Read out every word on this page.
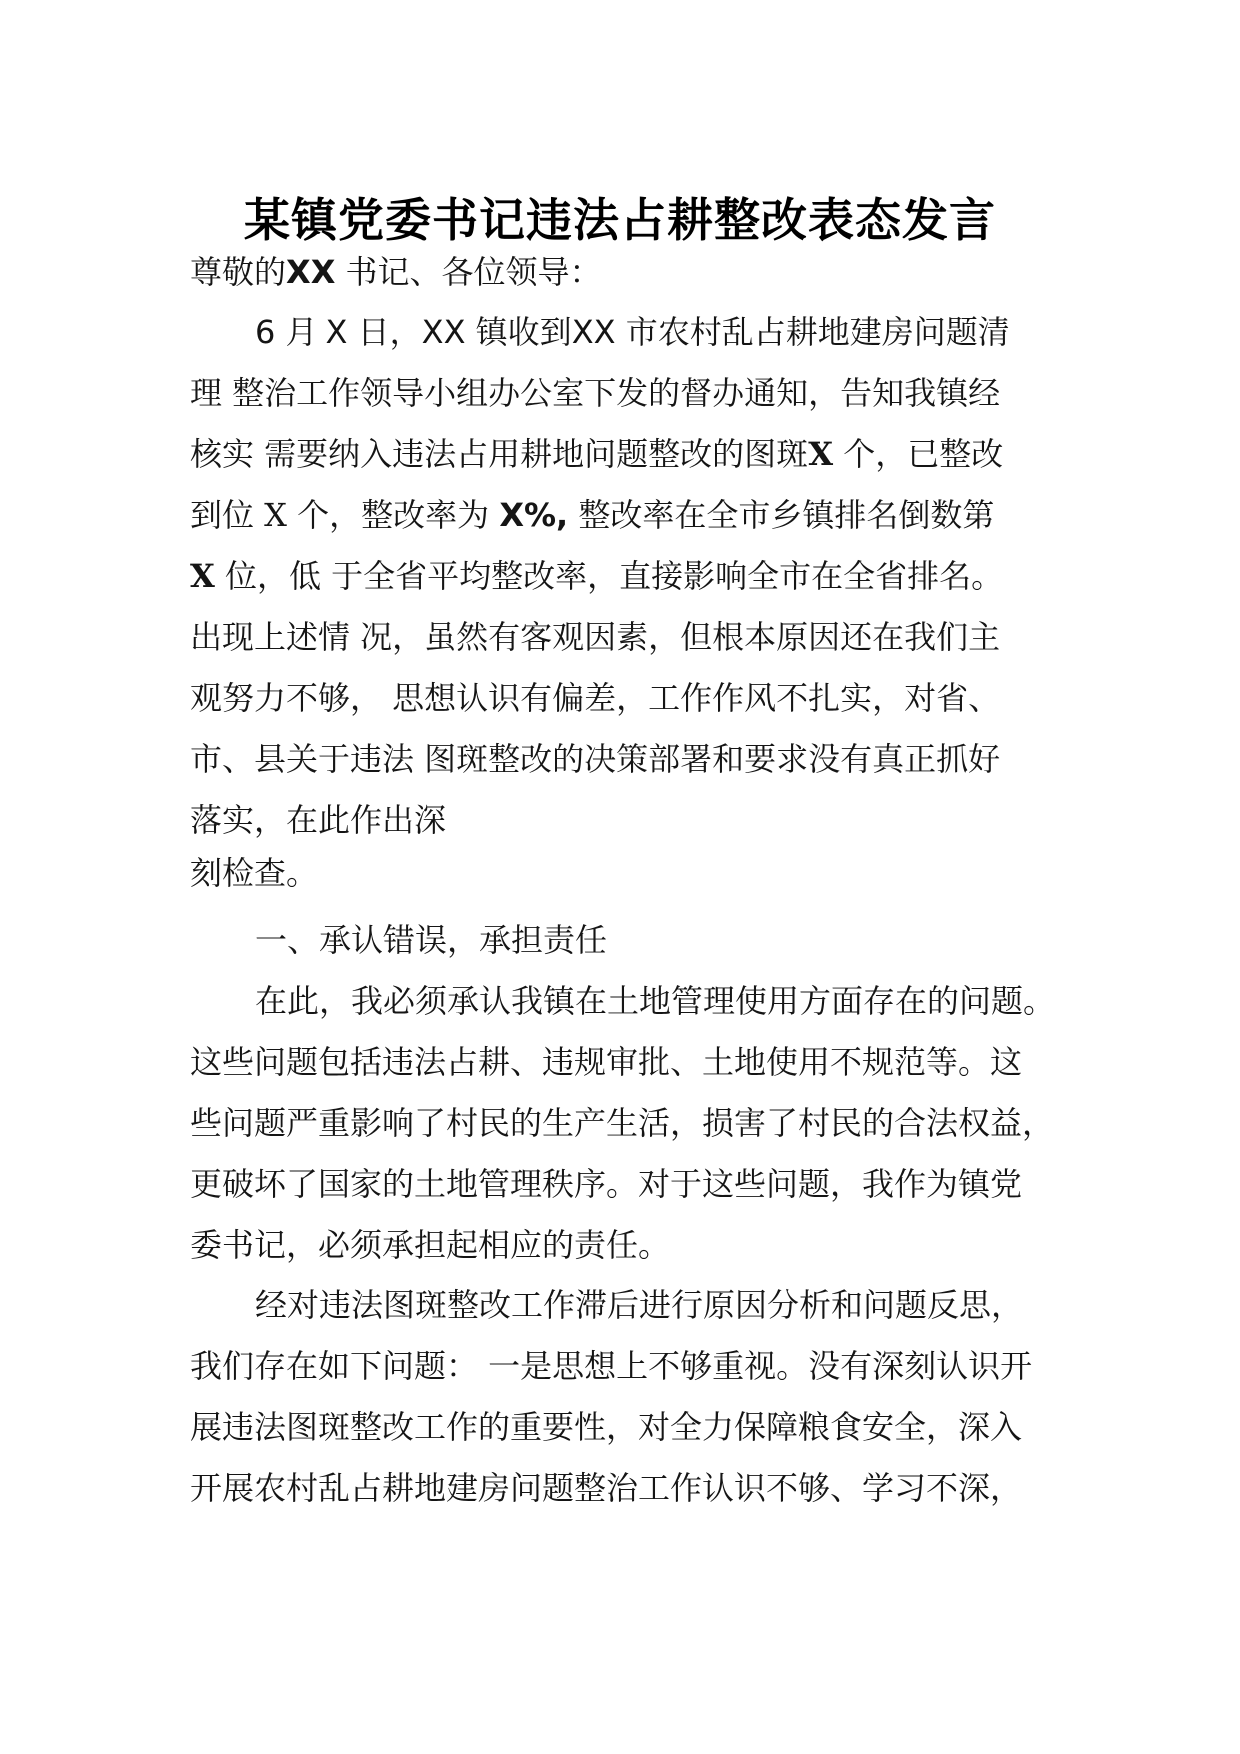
某镇党委书记违法占耕整改表态发言
尊敬的XX 书记、各位领导：
6 月 X 日，XX 镇收到XX 市农村乱占耕地建房问题清
理 整治工作领导小组办公室下发的督办通知，告知我镇经
核实 需要纳入违法占用耕地问题整改的图斑X 个，已整改
到位 X 个，整改率为 X%, 整改率在全市乡镇排名倒数第
X 位，低 于全省平均整改率，直接影响全市在全省排名。
出现上述情 况，虽然有客观因素，但根本原因还在我们主
观努力不够， 思想认识有偏差，工作作风不扎实，对省、
市、县关于违法 图斑整改的决策部署和要求没有真正抓好
落实，在此作出深
刻检查。
一、承认错误，承担责任
在此，我必须承认我镇在土地管理使用方面存在的问题。
这些问题包括违法占耕、违规审批、土地使用不规范等。这
些问题严重影响了村民的生产生活，损害了村民的合法权益，
更破坏了国家的土地管理秩序。对于这些问题，我作为镇党
委书记，必须承担起相应的责任。
经对违法图斑整改工作滞后进行原因分析和问题反思，
我们存在如下问题： 一是思想上不够重视。没有深刻认识开
展违法图斑整改工作的重要性，对全力保障粮食安全，深入
开展农村乱占耕地建房问题整治工作认识不够、学习不深，
